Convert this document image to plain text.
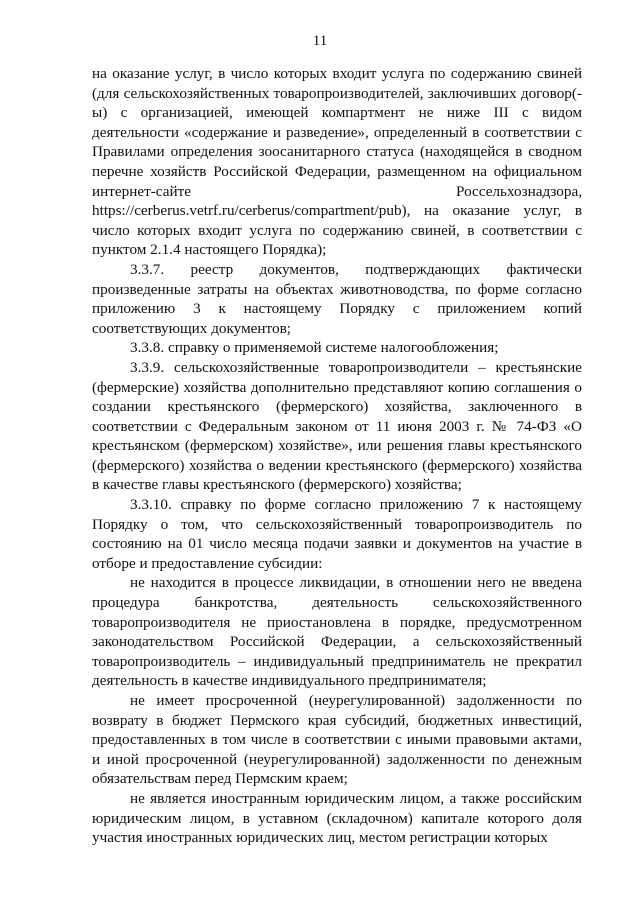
11

на оказание услуг, в число которых входит услуга по содержанию свиней (для сельскохозяйственных товаропроизводителей, заключивших договор(-ы) с организацией, имеющей компартмент не ниже III с видом деятельности «содержание и разведение», определенный в соответствии с Правилами определения зоосанитарного статуса (находящейся в сводном перечне хозяйств Российской Федерации, размещенном на официальном интернет-сайте Россельхознадзора, https://cerberus.vetrf.ru/cerberus/compartment/pub), на оказание услуг, в число которых входит услуга по содержанию свиней, в соответствии с пунктом 2.1.4 настоящего Порядка);

3.3.7. реестр документов, подтверждающих фактически произведенные затраты на объектах животноводства, по форме согласно приложению 3 к настоящему Порядку с приложением копий соответствующих документов;

3.3.8. справку о применяемой системе налогообложения;

3.3.9. сельскохозяйственные товаропроизводители – крестьянские (фермерские) хозяйства дополнительно представляют копию соглашения о создании крестьянского (фермерского) хозяйства, заключенного в соответствии с Федеральным законом от 11 июня 2003 г. № 74-ФЗ «О крестьянском (фермерском) хозяйстве», или решения главы крестьянского (фермерского) хозяйства о ведении крестьянского (фермерского) хозяйства в качестве главы крестьянского (фермерского) хозяйства;

3.3.10. справку по форме согласно приложению 7 к настоящему Порядку о том, что сельскохозяйственный товаропроизводитель по состоянию на 01 число месяца подачи заявки и документов на участие в отборе и предоставление субсидии:

не находится в процессе ликвидации, в отношении него не введена процедура банкротства, деятельность сельскохозяйственного товаропроизводителя не приостановлена в порядке, предусмотренном законодательством Российской Федерации, а сельскохозяйственный товаропроизводитель – индивидуальный предприниматель не прекратил деятельность в качестве индивидуального предпринимателя;

не имеет просроченной (неурегулированной) задолженности по возврату в бюджет Пермского края субсидий, бюджетных инвестиций, предоставленных в том числе в соответствии с иными правовыми актами, и иной просроченной (неурегулированной) задолженности по денежным обязательствам перед Пермским краем;

не является иностранным юридическим лицом, а также российским юридическим лицом, в уставном (складочном) капитале которого доля участия иностранных юридических лиц, местом регистрации которых
